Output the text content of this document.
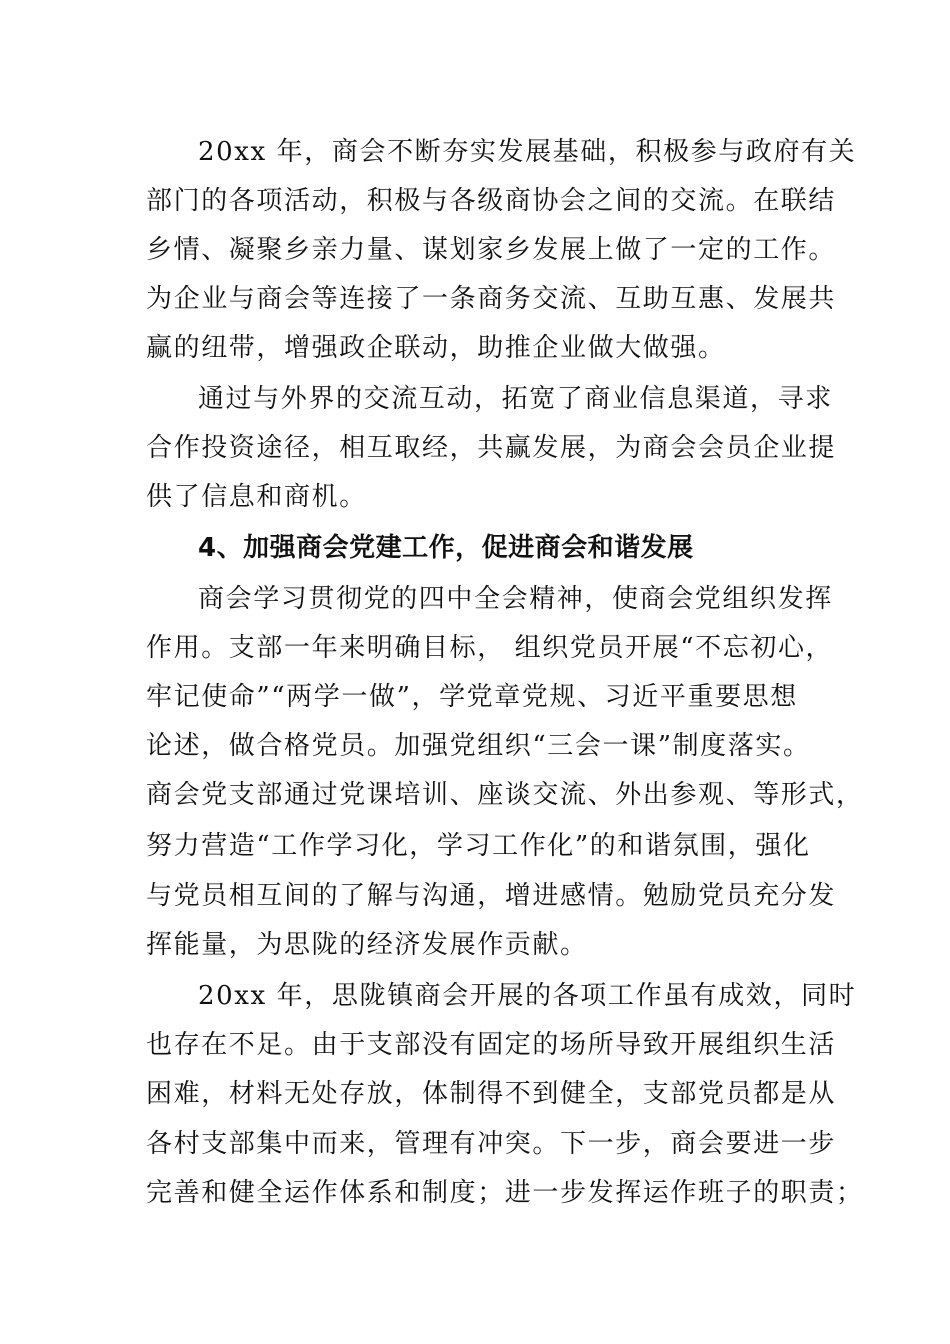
20xx 年，商会不断夯实发展基础，积极参与政府有关
部门的各项活动，积极与各级商协会之间的交流。在联结
乡情、凝聚乡亲力量、谋划家乡发展上做了一定的工作。
为企业与商会等连接了一条商务交流、互助互惠、发展共
赢的纽带，增强政企联动，助推企业做大做强。
通过与外界的交流互动，拓宽了商业信息渠道，寻求
合作投资途径，相互取经，共赢发展，为商会会员企业提
供了信息和商机。
4、加强商会党建工作，促进商会和谐发展
商会学习贯彻党的四中全会精神，使商会党组织发挥
作用。支部一年来明确目标， 组织党员开展“不忘初心，
牢记使命”“两学一做”，学党章党规、习近平重要思想
论述，做合格党员。加强党组织“三会一课”制度落实。
商会党支部通过党课培训、座谈交流、外出参观、等形式，
努力营造“工作学习化，学习工作化”的和谐氛围，强化
与党员相互间的了解与沟通，增进感情。勉励党员充分发
挥能量，为思陇的经济发展作贡献。
20xx 年，思陇镇商会开展的各项工作虽有成效，同时
也存在不足。由于支部没有固定的场所导致开展组织生活
困难，材料无处存放，体制得不到健全，支部党员都是从
各村支部集中而来，管理有冲突。下一步，商会要进一步
完善和健全运作体系和制度；进一步发挥运作班子的职责；
